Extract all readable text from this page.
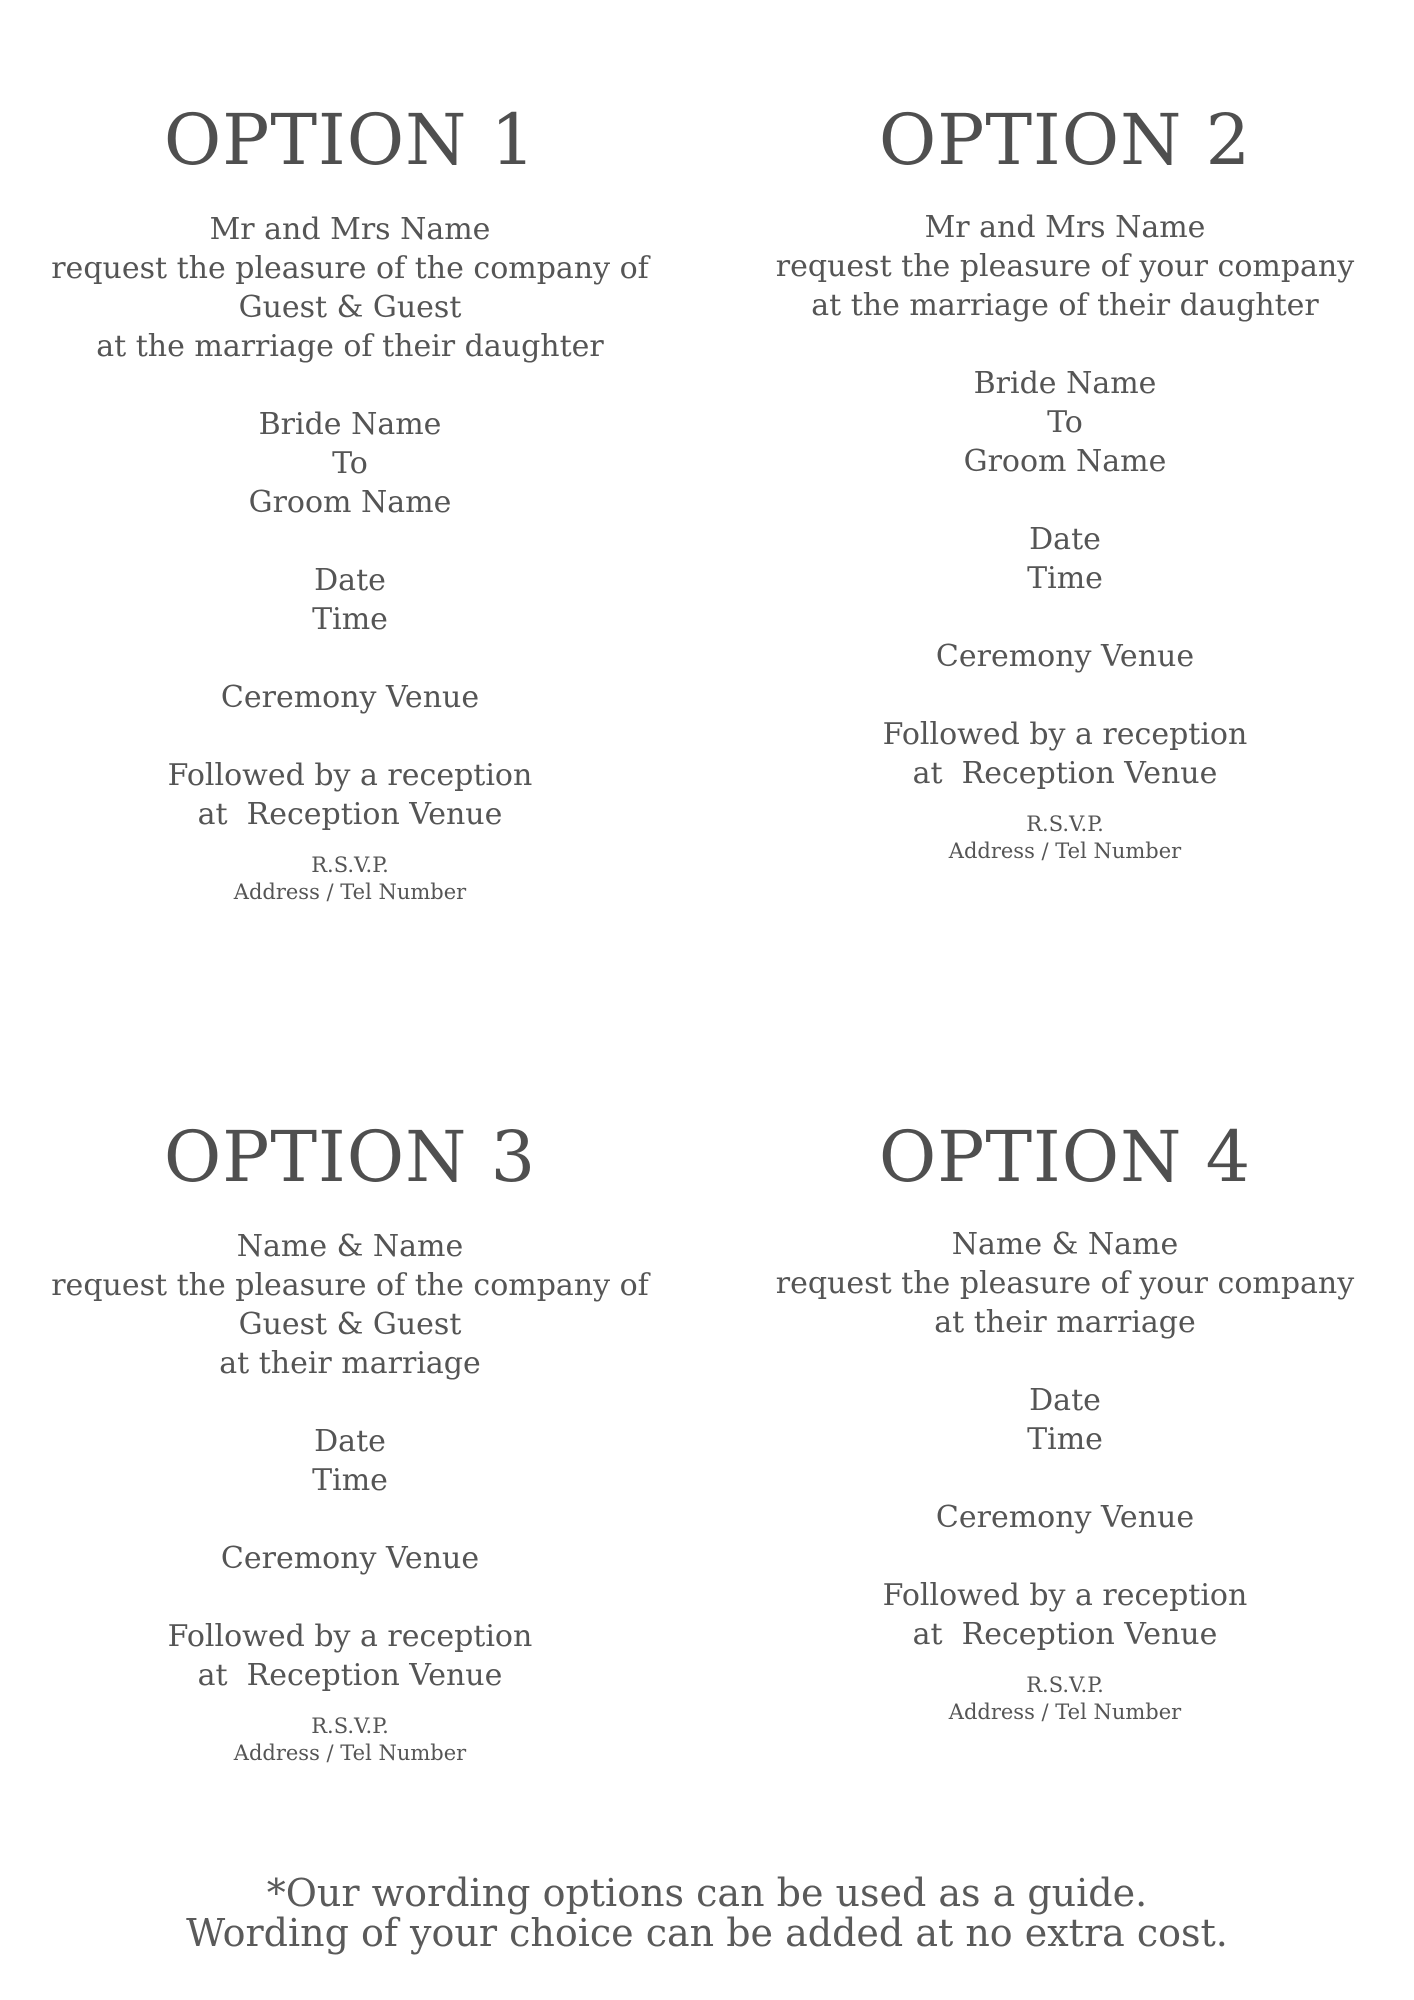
OPTION 1
Mr and Mrs Name
request the pleasure of the company of
Guest & Guest
at the marriage of their daughter
Bride Name
To
Groom Name
Date
Time
Ceremony Venue
Followed by a reception
at  Reception Venue
R.S.V.P.
Address / Tel Number
OPTION 2
Mr and Mrs Name
request the pleasure of your company
at the marriage of their daughter
Bride Name
To
Groom Name
Date
Time
Ceremony Venue
Followed by a reception
at  Reception Venue
R.S.V.P.
Address / Tel Number
OPTION 3
Name & Name
request the pleasure of the company of
Guest & Guest
at their marriage
Date
Time
Ceremony Venue
Followed by a reception
at  Reception Venue
R.S.V.P.
Address / Tel Number
OPTION 4
Name & Name
request the pleasure of your company
at their marriage
Date
Time
Ceremony Venue
Followed by a reception
at  Reception Venue
R.S.V.P.
Address / Tel Number
*Our wording options can be used as a guide.
Wording of your choice can be added at no extra cost.
